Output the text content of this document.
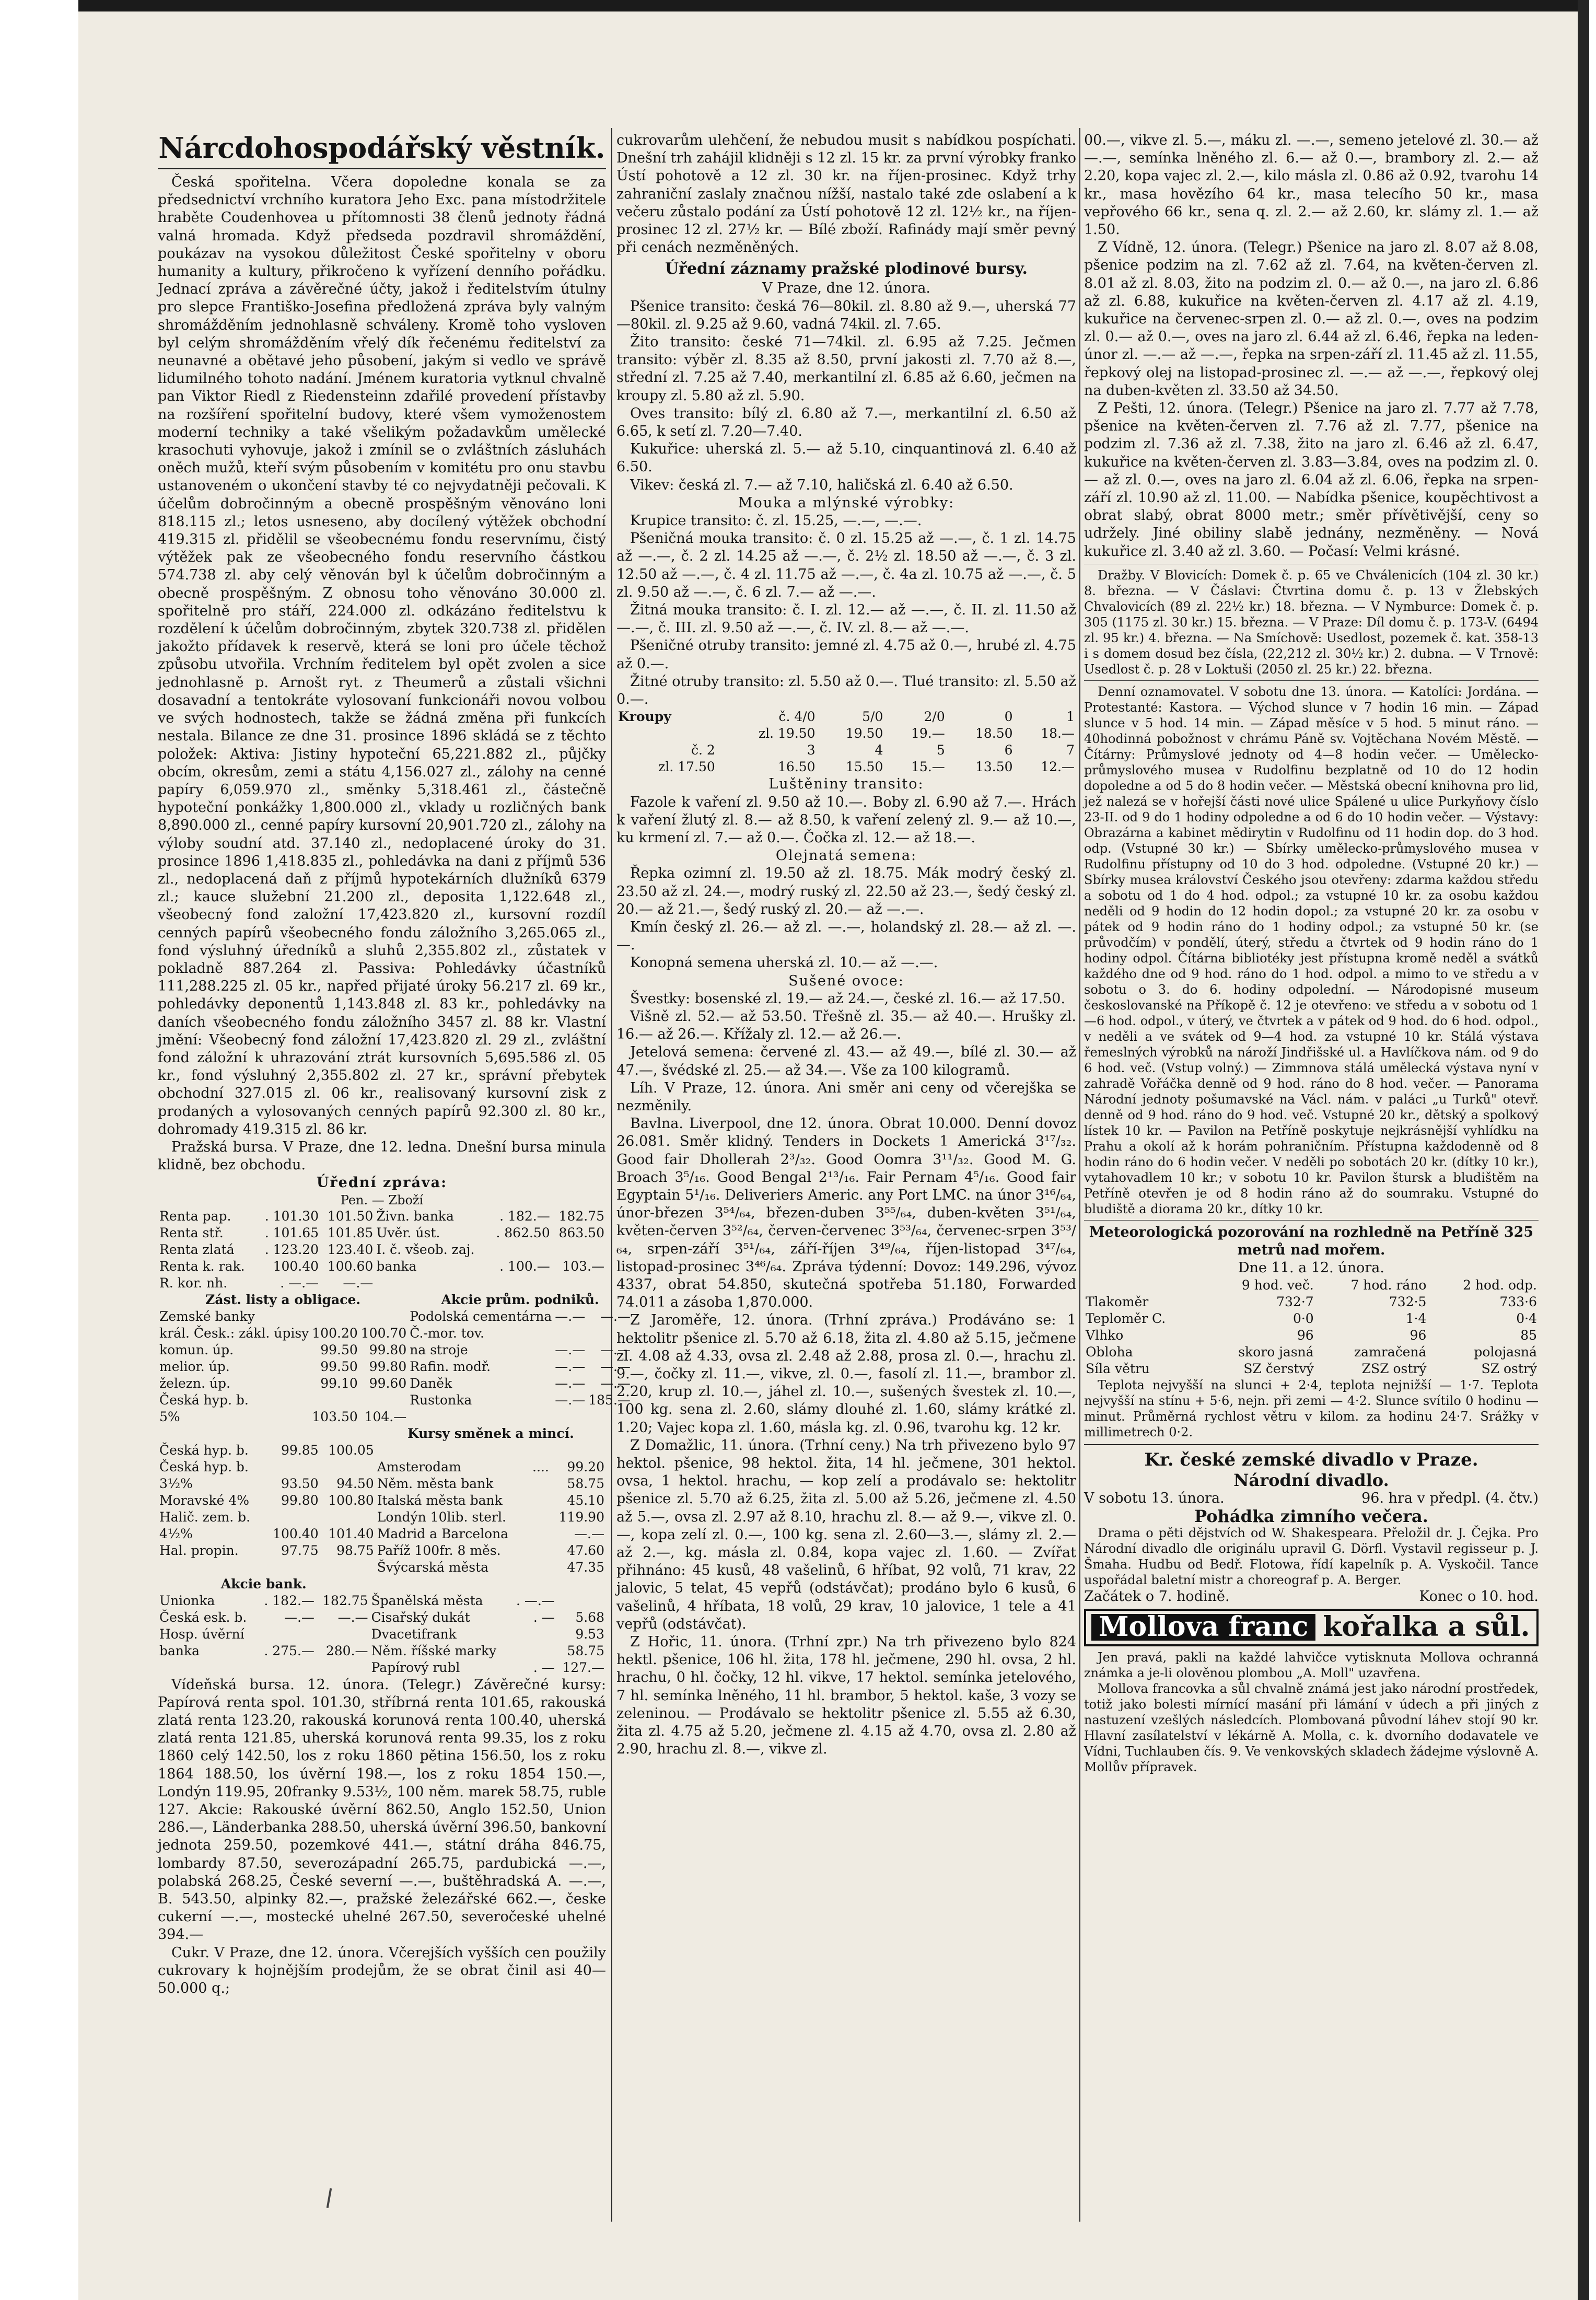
Nárcdohospodářský věstník.

Česká spořitelna. Včera dopoledne konala se za předsednictví vrchního kuratora Jeho Exc. pana místodržitele hraběte Coudenhovea u přítomnosti 38 členů jednoty řádná valná hromada. Když předseda pozdravil shromáždění, poukázav na vysokou důležitost České spořitelny v oboru humanity a kultury, přikročeno k vyřízení denního pořádku. Jednací zpráva a závěrečné účty, jakož i ředitelstvím útulny pro slepce Františko-Josefina předložená zpráva byly valným shromážděním jednohlasně schváleny. Kromě toho vysloven byl celým shromážděním vřelý dík řečenému ředitelství za neunavné a obětavé jeho působení, jakým si vedlo ve správě lidumilného tohoto nadání. Jménem kuratoria vytknul chvalně pan Viktor Riedl z Riedensteinn zdařilé provedení přístavby na rozšíření spořitelní budovy, které všem vymoženostem moderní techniky a také všelikým požadavkům umělecké krasochuti vyhovuje, jakož i zmínil se o zvláštních zásluhách oněch mužů, kteří svým působením v komitétu pro onu stavbu ustanoveném o ukončení stavby té co nejvydatněji pečovali. K účelům dobročinným a obecně prospěšným věnováno loni 818.115 zl.; letos usneseno, aby docílený výtěžek obchodní 419.315 zl. přidělil se všeobecnému fondu reservnímu, čistý výtěžek pak ze všeobecného fondu reservního částkou 574.738 zl. aby celý věnován byl k účelům dobročinným a obecně prospěšným. Z obnosu toho věnováno 30.000 zl. spořitelně pro stáří, 224.000 zl. odkázáno ředitelstvu k rozdělení k účelům dobročinným, zbytek 320.738 zl. přidělen jakožto přídavek k reservě, která se loni pro účele těchož způsobu utvořila. Vrchním ředitelem byl opět zvolen a sice jednohlasně p. Arnošt ryt. z Theumerů a zůstali všichni dosavadní a tentokráte vylosovaní funkcionáři novou volbou ve svých hodnostech, takže se žádná změna při funkcích nestala. Bilance ze dne 31. prosince 1896 skládá se z těchto položek: Aktiva: Jistiny hypoteční 65,221.882 zl., půjčky obcím, okresům, zemi a státu 4,156.027 zl., zálohy na cenné papíry 6,059.970 zl., směnky 5,318.461 zl., částečně hypoteční ponkážky 1,800.000 zl., vklady u rozličných bank 8,890.000 zl., cenné papíry kursovní 20,901.720 zl., zálohy na výloby soudní atd. 37.140 zl., nedoplacené úroky do 31. prosince 1896 1,418.835 zl., pohledávka na dani z příjmů 536 zl., nedoplacená daň z příjmů hypotekárních dlužníků 6379 zl.; kauce služební 21.200 zl., deposita 1,122.648 zl., všeobecný fond založní 17,423.820 zl., kursovní rozdíl cenných papírů všeobecného fondu záložního 3,265.065 zl., fond výsluhný úředníků a sluhů 2,355.802 zl., zůstatek v pokladně 887.264 zl. Passiva: Pohledávky účastníků 111,288.225 zl. 05 kr., napřed přijaté úroky 56.217 zl. 69 kr., pohledávky deponentů 1,143.848 zl. 83 kr., pohledávky na daních všeobecného fondu záložního 3457 zl. 88 kr. Vlastní jmění: Všeobecný fond záložní 17,423.820 zl. 29 zl., zvláštní fond záložní k uhrazování ztrát kursovních 5,695.586 zl. 05 kr., fond výsluhný 2,355.802 zl. 27 kr., správní přebytek obchodní 327.015 zl. 06 kr., realisovaný kursovní zisk z prodaných a vylosovaných cenných papírů 92.300 zl. 80 kr., dohromady 419.315 zl. 86 kr.

Pražská bursa. V Praze, dne 12. ledna. Dnešní bursa minula klidně, bez obchodu.

Úřední zpráva:
Pen. — Zboží
Renta pap.	. 101.30	101.50	Živn. banka	. 182.—	182.75
Renta stř.	. 101.65	101.85	Uvěr. úst.	. 862.50	863.50
Renta zlatá	. 123.20	123.40	I. č. všeob. zaj.		
Renta k. rak.	100.40	100.60	banka	. 100.—	103.—
R. kor. nh.	. —.—	—.—			
Zást. listy a obligace.			Akcie prům. podniků.		
Zemské banky			Podolská cementárna	—.—	—.—
král. Česk.: zákl. úpisy	100.20	100.70	Č.-mor. tov.		
komun. úp.	99.50	99.80	na stroje	—.—	—.—
melior. úp.	99.50	99.80	Rafin. modř.	—.—	—.—
železn. úp.	99.10	99.60	Daněk	—.—	—.—
Česká hyp. b.			Rustonka	—.—	185.—
5%	103.50	104.—			
			Kursy směnek a mincí.		
Česká hyp. b.	99.85	100.05			
Česká hyp. b.			Amsterodam	....	99.20
3½%	93.50	94.50	Něm. města bank		58.75
Moravské 4%	99.80	100.80	Italská města bank		45.10
Halič. zem. b.			Londýn 10lib. sterl.		119.90
4½%	100.40	101.40	Madrid a Barcelona		—.—
Hal. propin.	97.75	98.75	Paříž 100fr. 8 měs.		47.60
			Švýcarská města		47.35
Akcie bank.					
Unionka	. 182.—	182.75	Španělská města	. —.—	
Česká esk. b.	—.—	—.—	Cisařský dukát	. —	5.68
Hosp. úvěrní			Dvacetifrank		9.53
banka	. 275.—	280.—	Něm. říšské marky		58.75
			Papírový rubl	. —	127.—

Vídeňská bursa. 12. února. (Telegr.) Závěrečné kursy: Papírová renta spol. 101.30, stříbrná renta 101.65, rakouská zlatá renta 123.20, rakouská korunová renta 100.40, uherská zlatá renta 121.85, uherská korunová renta 99.35, los z roku 1860 celý 142.50, los z roku 1860 pětina 156.50, los z roku 1864 188.50, los úvěrní 198.—, los z roku 1854 150.—, Londýn 119.95, 20franky 9.53½, 100 něm. marek 58.75, ruble 127. Akcie: Rakouské úvěrní 862.50, Anglo 152.50, Union 286.—, Länderbanka 288.50, uherská úvěrní 396.50, bankovní jednota 259.50, pozemkové 441.—, státní dráha 846.75, lombardy 87.50, severozápadní 265.75, pardubická —.—, polabská 268.25, České severní —.—, buštěhradská A. —.—, B. 543.50, alpinky 82.—, pražské železářské 662.—, česke cukerní —.—, mostecké uhelné 267.50, severočeské uhelné 394.—

Cukr. V Praze, dne 12. února. Včerejších vyšších cen použily cukrovary k hojnějším prodejům, že se obrat činil asi 40—50.000 q.;

cukrovarům ulehčení, že nebudou musit s nabídkou pospíchati. Dnešní trh zahájil klidněji s 12 zl. 15 kr. za první výrobky franko Ústí pohotově a 12 zl. 30 kr. na říjen-prosinec. Když trhy zahraniční zaslaly značnou nížší, nastalo také zde oslabení a k večeru zůstalo podání za Ústí pohotově 12 zl. 12½ kr., na říjen-prosinec 12 zl. 27½ kr. — Bílé zboží. Rafinády mají směr pevný při cenách nezměněných.

Úřední záznamy pražské plodinové bursy.
V Praze, dne 12. února.

Pšenice transito: česká 76—80kil. zl. 8.80 až 9.—, uherská 77—80kil. zl. 9.25 až 9.60, vadná 74kil. zl. 7.65.

Žito transito: české 71—74kil. zl. 6.95 až 7.25. Ječmen transito: výběr zl. 8.35 až 8.50, první jakosti zl. 7.70 až 8.—, střední zl. 7.25 až 7.40, merkantilní zl. 6.85 až 6.60, ječmen na kroupy zl. 5.80 až zl. 5.90.

Oves transito: bílý zl. 6.80 až 7.—, merkantilní zl. 6.50 až 6.65, k setí zl. 7.20—7.40.

Kukuřice: uherská zl. 5.— až 5.10, cinquantinová zl. 6.40 až 6.50.

Vikev: česká zl. 7.— až 7.10, haličská zl. 6.40 až 6.50.

Mouka a mlýnské výrobky:

Krupice transito: č. zl. 15.25, —.—, —.—.

Pšeničná mouka transito: č. 0 zl. 15.25 až —.—, č. 1 zl. 14.75 až —.—, č. 2 zl. 14.25 až —.—, č. 2½ zl. 18.50 až —.—, č. 3 zl. 12.50 až —.—, č. 4 zl. 11.75 až —.—, č. 4a zl. 10.75 až —.—, č. 5 zl. 9.50 až —.—, č. 6 zl. 7.— až —.—.

Žitná mouka transito: č. I. zl. 12.— až —.—, č. II. zl. 11.50 až —.—, č. III. zl. 9.50 až —.—, č. IV. zl. 8.— až —.—.

Pšeničné otruby transito: jemné zl. 4.75 až 0.—, hrubé zl. 4.75 až 0.—.

Žitné otruby transito: zl. 5.50 až 0.—. Tlué transito: zl. 5.50 až 0.—.

Kroupy	č. 4/0	5/0	2/0	0	1
	zl. 19.50	19.50	19.—	18.50	18.—
č. 2	3	4	5	6	7
zl. 17.50	16.50	15.50	15.—	13.50	12.—
Luštěniny transito:

Fazole k vaření zl. 9.50 až 10.—. Boby zl. 6.90 až 7.—. Hrách k vaření žlutý zl. 8.— až 8.50, k vaření zelený zl. 9.— až 10.—, ku krmení zl. 7.— až 0.—. Čočka zl. 12.— až 18.—.

Olejnatá semena:

Řepka ozimní zl. 19.50 až zl. 18.75. Mák modrý český zl. 23.50 až zl. 24.—, modrý ruský zl. 22.50 až 23.—, šedý český zl. 20.— až 21.—, šedý ruský zl. 20.— až —.—.

Kmín český zl. 26.— až zl. —.—, holandský zl. 28.— až zl. —.—.

Konopná semena uherská zl. 10.— až —.—.

Sušené ovoce:

Švestky: bosenské zl. 19.— až 24.—, české zl. 16.— až 17.50.

Višně zl. 52.— až 53.50. Třešně zl. 35.— až 40.—. Hrušky zl. 16.— až 26.—. Křížaly zl. 12.— až 26.—.

Jetelová semena: červené zl. 43.— až 49.—, bílé zl. 30.— až 47.—, švédské zl. 25.— až 34.—. Vše za 100 kilogramů.

Líh. V Praze, 12. února. Ani směr ani ceny od včerejška se nezměnily.

Bavlna. Liverpool, dne 12. února. Obrat 10.000. Denní dovoz 26.081. Směr klidný. Tenders in Dockets 1 Americká 3¹⁷/₃₂. Good fair Dhollerah 2³/₃₂. Good Oomra 3¹¹/₃₂. Good M. G. Broach 3⁵/₁₆. Good Bengal 2¹³/₁₆. Fair Pernam 4⁵/₁₆. Good fair Egyptain 5¹/₁₆. Deliveriers Americ. any Port LMC. na únor 3¹⁶/₆₄, únor-březen 3⁵⁴/₆₄, březen-duben 3⁵⁵/₆₄, duben-květen 3⁵¹/₆₄, květen-červen 3⁵²/₆₄, červen-červenec 3⁵³/₆₄, červenec-srpen 3⁵³/₆₄, srpen-září 3⁵¹/₆₄, září-říjen 3⁴⁹/₆₄, říjen-listopad 3⁴⁷/₆₄, listopad-prosinec 3⁴⁶/₆₄. Zpráva týdenní: Dovoz: 149.296, vývoz 4337, obrat 54.850, skutečná spotřeba 51.180, Forwarded 74.011 a zásoba 1,870.000.

Z Jaroměře, 12. února. (Trhní zpráva.) Prodáváno se: 1 hektolitr pšenice zl. 5.70 až 6.18, žita zl. 4.80 až 5.15, ječmene zl. 4.08 až 4.33, ovsa zl. 2.48 až 2.88, prosa zl. 0.—, hrachu zl. 9.—, čočky zl. 11.—, vikve, zl. 0.—, fasolí zl. 11.—, brambor zl. 2.20, krup zl. 10.—, jáhel zl. 10.—, sušených švestek zl. 10.—, 100 kg. sena zl. 2.60, slámy dlouhé zl. 1.60, slámy krátké zl. 1.20; Vajec kopa zl. 1.60, másla kg. zl. 0.96, tvarohu kg. 12 kr.

Z Domažlic, 11. února. (Trhní ceny.) Na trh přivezeno bylo 97 hektol. pšenice, 98 hektol. žita, 14 hl. ječmene, 301 hektol. ovsa, 1 hektol. hrachu, — kop zelí a prodávalo se: hektolitr pšenice zl. 5.70 až 6.25, žita zl. 5.00 až 5.26, ječmene zl. 4.50 až 5.—, ovsa zl. 2.97 až 8.10, hrachu zl. 8.— až 9.—, vikve zl. 0.—, kopa zelí zl. 0.—, 100 kg. sena zl. 2.60—3.—, slámy zl. 2.— až 2.—, kg. másla zl. 0.84, kopa vajec zl. 1.60. — Zvířat přihnáno: 45 kusů, 48 vašelinů, 6 hříbat, 92 volů, 71 krav, 22 jalovic, 5 telat, 45 vepřů (odstávčat); prodáno bylo 6 kusů, 6 vašelinů, 4 hříbata, 18 volů, 29 krav, 10 jalovice, 1 tele a 41 vepřů (odstávčat).

Z Hořic, 11. února. (Trhní zpr.) Na trh přivezeno bylo 824 hektl. pšenice, 106 hl. žita, 178 hl. ječmene, 290 hl. ovsa, 2 hl. hrachu, 0 hl. čočky, 12 hl. vikve, 17 hektol. semínka jetelového, 7 hl. semínka lněného, 11 hl. brambor, 5 hektol. kaše, 3 vozy se zeleninou. — Prodávalo se hektolitr pšenice zl. 5.55 až 6.30, žita zl. 4.75 až 5.20, ječmene zl. 4.15 až 4.70, ovsa zl. 2.80 až 2.90, hrachu zl. 8.—, vikve zl.

00.—, vikve zl. 5.—, máku zl. —.—, semeno jetelové zl. 30.— až —.—, semínka lněného zl. 6.— až 0.—, brambory zl. 2.— až 2.20, kopa vajec zl. 2.—, kilo másla zl. 0.86 až 0.92, tvarohu 14 kr., masa hovězího 64 kr., masa telecího 50 kr., masa vepřového 66 kr., sena q. zl. 2.— až 2.60, kr. slámy zl. 1.— až 1.50.

Z Vídně, 12. února. (Telegr.) Pšenice na jaro zl. 8.07 až 8.08, pšenice podzim na zl. 7.62 až zl. 7.64, na květen-červen zl. 8.01 až zl. 8.03, žito na podzim zl. 0.— až 0.—, na jaro zl. 6.86 až zl. 6.88, kukuřice na květen-červen zl. 4.17 až zl. 4.19, kukuřice na červenec-srpen zl. 0.— až zl. 0.—, oves na podzim zl. 0.— až 0.—, oves na jaro zl. 6.44 až zl. 6.46, řepka na leden-únor zl. —.— až —.—, řepka na srpen-září zl. 11.45 až zl. 11.55, řepkový olej na listopad-prosinec zl. —.— až —.—, řepkový olej na duben-květen zl. 33.50 až 34.50.

Z Pešti, 12. února. (Telegr.) Pšenice na jaro zl. 7.77 až 7.78, pšenice na květen-červen zl. 7.76 až zl. 7.77, pšenice na podzim zl. 7.36 až zl. 7.38, žito na jaro zl. 6.46 až zl. 6.47, kukuřice na květen-červen zl. 3.83—3.84, oves na podzim zl. 0.— až zl. 0.—, oves na jaro zl. 6.04 až zl. 6.06, řepka na srpen-září zl. 10.90 až zl. 11.00. — Nabídka pšenice, koupěchtivost a obrat slabý, obrat 8000 metr.; směr přívětivější, ceny so udržely. Jiné obiliny slabě jednány, nezměněny. — Nová kukuřice zl. 3.40 až zl. 3.60. — Počasí: Velmi krásné.

Dražby. V Blovicích: Domek č. p. 65 ve Chválenicích (104 zl. 30 kr.) 8. března. — V Čáslavi: Čtvrtina domu č. p. 13 v Žlebských Chvalovicích (89 zl. 22½ kr.) 18. března. — V Nymburce: Domek č. p. 305 (1175 zl. 30 kr.) 15. března. — V Praze: Díl domu č. p. 173-V. (6494 zl. 95 kr.) 4. března. — Na Smíchově: Usedlost, pozemek č. kat. 358-13 i s domem dosud bez čísla, (22,212 zl. 30½ kr.) 2. dubna. — V Trnově: Usedlost č. p. 28 v Loktuši (2050 zl. 25 kr.) 22. března.

Denní oznamovatel. V sobotu dne 13. února. — Katolíci: Jordána. — Protestanté: Kastora. — Východ slunce v 7 hodin 16 min. — Západ slunce v 5 hod. 14 min. — Západ měsíce v 5 hod. 5 minut ráno. — 40hodinná pobožnost v chrámu Páně sv. Vojtěchana Novém Městě. — Čítárny: Průmyslové jednoty od 4—8 hodin večer. — Umělecko-průmyslového musea v Rudolfinu bezplatně od 10 do 12 hodin dopoledne a od 5 do 8 hodin večer. — Městská obecní knihovna pro lid, jež nalezá se v hořejší části nové ulice Spálené u ulice Purkyňovy číslo 23-II. od 9 do 1 hodiny odpoledne a od 6 do 10 hodin večer. — Výstavy: Obrazárna a kabinet mědirytin v Rudolfinu od 11 hodin dop. do 3 hod. odp. (Vstupné 30 kr.) — Sbírky umělecko-průmyslového musea v Rudolfinu přístupny od 10 do 3 hod. odpoledne. (Vstupné 20 kr.) — Sbírky musea království Českého jsou otevřeny: zdarma každou středu a sobotu od 1 do 4 hod. odpol.; za vstupné 10 kr. za osobu každou neděli od 9 hodin do 12 hodin dopol.; za vstupné 20 kr. za osobu v pátek od 9 hodin ráno do 1 hodiny odpol.; za vstupné 50 kr. (se průvodčím) v pondělí, úterý, středu a čtvrtek od 9 hodin ráno do 1 hodiny odpol. Čítárna bibliotéky jest přístupna kromě neděl a svátků každého dne od 9 hod. ráno do 1 hod. odpol. a mimo to ve středu a v sobotu o 3. do 6. hodiny odpolední. — Národopisné museum českoslovanské na Příkopě č. 12 je otevřeno: ve středu a v sobotu od 1—6 hod. odpol., v úterý, ve čtvrtek a v pátek od 9 hod. do 6 hod. odpol., v neděli a ve svátek od 9—4 hod. za vstupné 10 kr. Stálá výstava řemeslných výrobků na nároží Jindřišské ul. a Havlíčkova nám. od 9 do 6 hod. več. (Vstup volný.) — Zimmnova stálá umělecká výstava nyní v zahradě Vořáčka denně od 9 hod. ráno do 8 hod. večer. — Panorama Národní jednoty pošumavské na Václ. nám. v paláci „u Turků" otevř. denně od 9 hod. ráno do 9 hod. več. Vstupné 20 kr., dětský a spolkový lístek 10 kr. — Pavilon na Petříně poskytuje nejkrásnější vyhlídku na Prahu a okolí až k horám pohraničním. Přístupna každodenně od 8 hodin ráno do 6 hodin večer. V neděli po sobotách 20 kr. (dítky 10 kr.), vytahovadlem 10 kr.; v sobotu 10 kr. Pavilon štursk a bludištěm na Petříně otevřen je od 8 hodin ráno až do soumraku. Vstupné do bludiště a diorama 20 kr., dítky 10 kr.

Meteorologická pozorování na rozhledně na Petříně 325 metrů nad mořem.
Dne 11. a 12. února.
	9 hod. več.	7 hod. ráno	2 hod. odp.
Tlakoměr	732·7	732·5	733·6
Teploměr C.	0·0	1·4	0·4
Vlhko	96	96	85
Obloha	skoro jasná	zamračená	polojasná
Síla větru	SZ čerstvý	ZSZ ostrý	SZ ostrý

Teplota nejvyšší na slunci + 2·4, teplota nejnižší — 1·7. Teplota nejvyšší na stínu + 5·6, nejn. při zemi — 4·2. Slunce svítilo 0 hodinu — minut. Průměrná rychlost větru v kilom. za hodinu 24·7. Srážky v millimetrech 0·2.

Kr. české zemské divadlo v Praze.
Národní divadlo.
V sobotu 13. února.	96. hra v předpl. (4. čtv.)
Pohádka zimního večera.

Drama o pěti dějstvích od W. Shakespeara. Přeložil dr. J. Čejka. Pro Národní divadlo dle originálu upravil G. Dörfl. Vystavil regisseur p. J. Šmaha. Hudbu od Bedř. Flotowa, řídí kapelník p. A. Vyskočil. Tance uspořádal baletní mistr a choreograf p. A. Berger.

Začátek o 7. hodině.	Konec o 10. hod.
Mollova franc kořalka a sůl.

Jen pravá, pakli na každé lahvičce vytisknuta Mollova ochranná známka a je-li olověnou plombou „A. Moll" uzavřena.

Mollova francovka a sůl chvalně známá jest jako národní prostředek, totiž jako bolesti mírnící masání při lámání v údech a při jiných z nastuzení vzešlých následcích. Plombovaná původní láhev stojí 90 kr. Hlavní zasílatelství v lékárně A. Molla, c. k. dvorního dodavatele ve Vídni, Tuchlauben čís. 9. Ve venkovských skladech žádejme výslovně A. Mollův přípravek.
